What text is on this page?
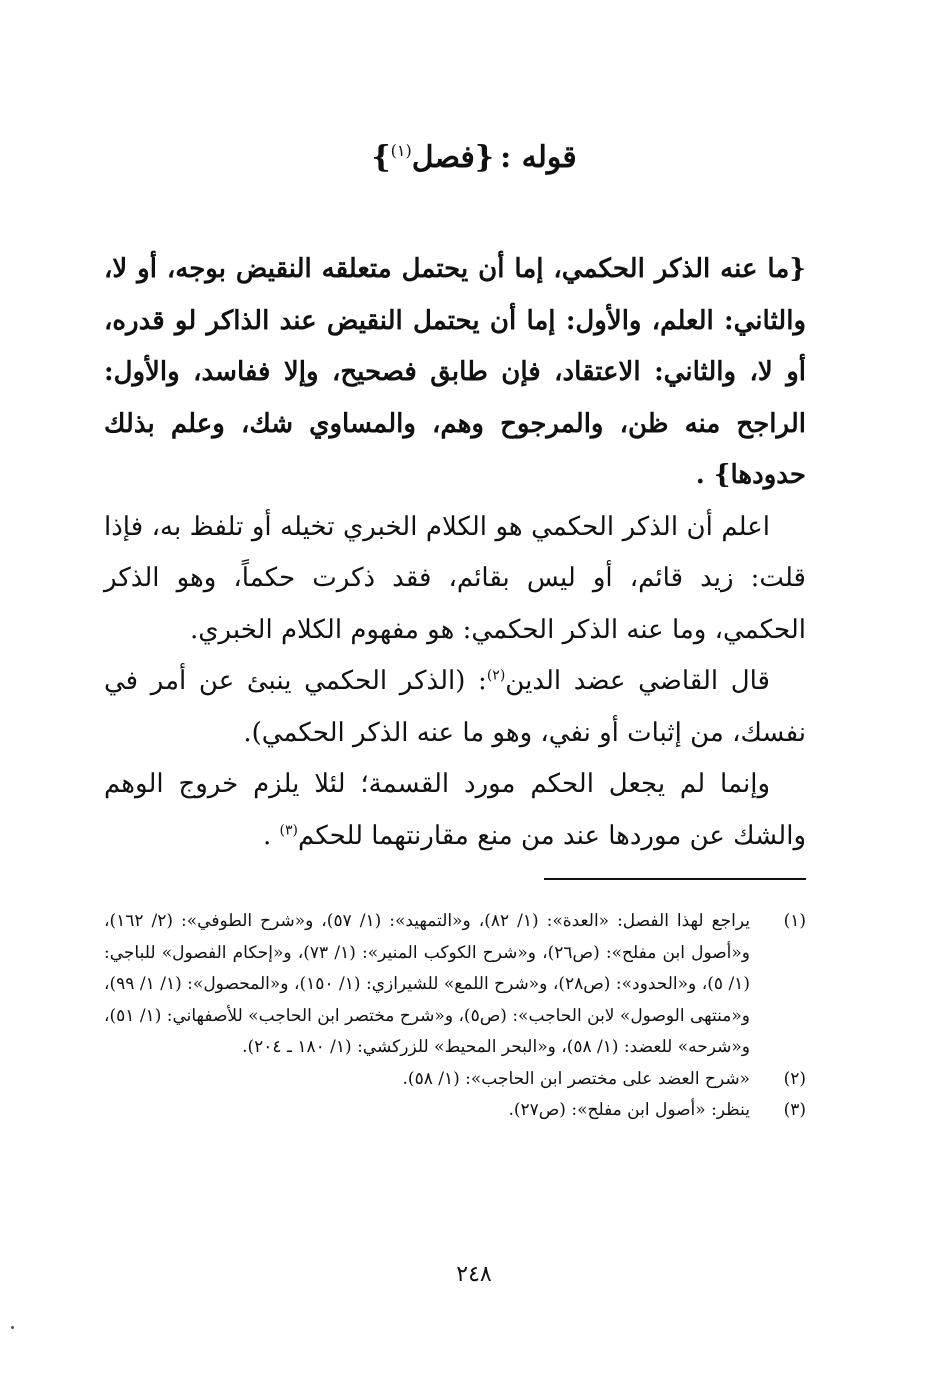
قوله :
{فصل$^{(١)}$}

{ما عنه الذكر الحكمي، إما أن يحتمل متعلقه النقيض بوجه، أو لا، والثاني: العلم، والأول: إما أن يحتمل النقيض عند الذاكر لو قدره، أو لا، والثاني: الاعتقاد، فإن طابق فصحيح، وإلا ففاسد، والأول: الراجح منه ظن، والمرجوح وهم، والمساوي شك، وعلم بذلك حدودها} .

اعلم أن الذكر الحكمي هو الكلام الخبري تخيله أو تلفظ به، فإذا قلت: زيد قائم، أو ليس بقائم، فقد ذكرت حكماً، وهو الذكر الحكمي، وما عنه الذكر الحكمي: هو مفهوم الكلام الخبري.

قال القاضي عضد الدين$^{(٢)}$: (الذكر الحكمي ينبئ عن أمر في نفسك، من إثبات أو نفي، وهو ما عنه الذكر الحكمي).

وإنما لم يجعل الحكم مورد القسمة؛ لئلا يلزم خروج الوهم والشك عن موردها عند من منع مقارنتهما للحكم$^{(٣)}$ .

(١)
يراجع لهذا الفصل: «العدة»: (١/ ٨٢)، و«التمهيد»: (١/ ٥٧)، و«شرح الطوفي»: (٢/ ١٦٢)، و«أصول ابن مفلح»: (ص٢٦)، و«شرح الكوكب المنير»: (١/ ٧٣)، و«إحكام الفصول» للباجي: (١/ ٥)، و«الحدود»: (ص٢٨)، و«شرح اللمع» للشيرازي: (١/ ١٥٠)، و«المحصول»: (١/ ١/ ٩٩)، و«منتهى الوصول» لابن الحاجب»: (ص٥)، و«شرح مختصر ابن الحاجب» للأصفهاني: (١/ ٥١)، و«شرحه» للعضد: (١/ ٥٨)، و«البحر المحيط» للزركشي: (١/ ١٨٠ ـ ٢٠٤).
(٢)
«شرح العضد على مختصر ابن الحاجب»: (١/ ٥٨).
(٣)
ينظر: «أصول ابن مفلح»: (ص٢٧).
٢٤٨
